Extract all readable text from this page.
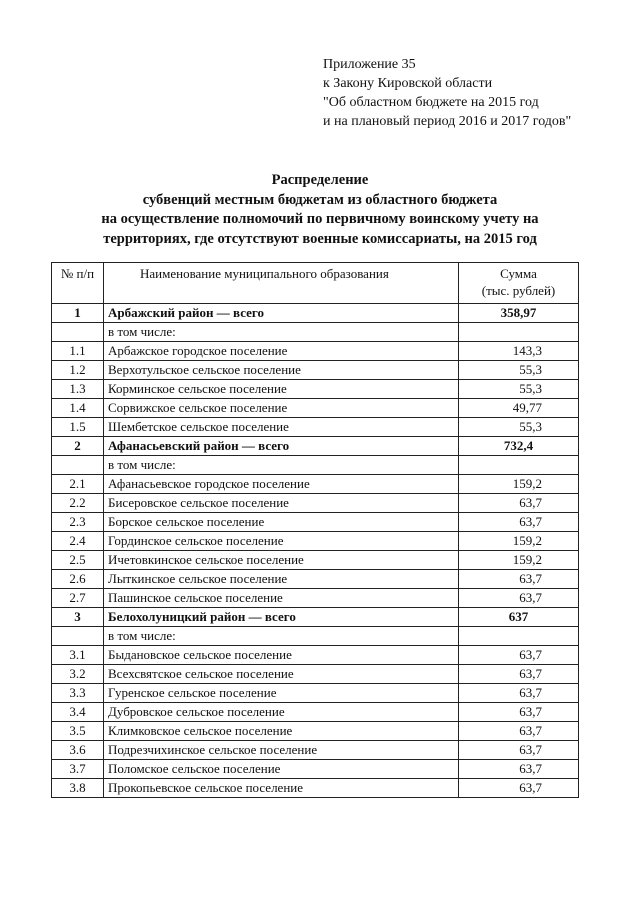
Приложение 35
к Закону Кировской области
"Об областном бюджете на 2015 год
и на плановый период 2016 и 2017 годов"
Распределение
субвенций местным бюджетам из областного бюджета
на осуществление полномочий по первичному воинскому учету на
территориях, где отсутствуют военные комиссариаты, на 2015 год
№ п/п	Наименование муниципального образования	Сумма
(тыс. рублей)
1	Арбажский район — всего	358,97
	в том числе:	
1.1	Арбажское городское поселение	143,3
1.2	Верхотульское сельское поселение	55,3
1.3	Корминское сельское поселение	55,3
1.4	Сорвижское сельское поселение	49,77
1.5	Шембетское сельское поселение	55,3
2	Афанасьевский район — всего	732,4
	в том числе:	
2.1	Афанасьевское городское поселение	159,2
2.2	Бисеровское сельское поселение	63,7
2.3	Борское сельское поселение	63,7
2.4	Гординское сельское поселение	159,2
2.5	Ичетовкинское сельское поселение	159,2
2.6	Лыткинское сельское поселение	63,7
2.7	Пашинское сельское поселение	63,7
3	Белохолуницкий район — всего	637
	в том числе:	
3.1	Быдановское сельское поселение	63,7
3.2	Всехсвятское сельское поселение	63,7
3.3	Гуренское сельское поселение	63,7
3.4	Дубровское сельское поселение	63,7
3.5	Климковское сельское поселение	63,7
3.6	Подрезчихинское сельское поселение	63,7
3.7	Поломское сельское поселение	63,7
3.8	Прокопьевское сельское поселение	63,7
